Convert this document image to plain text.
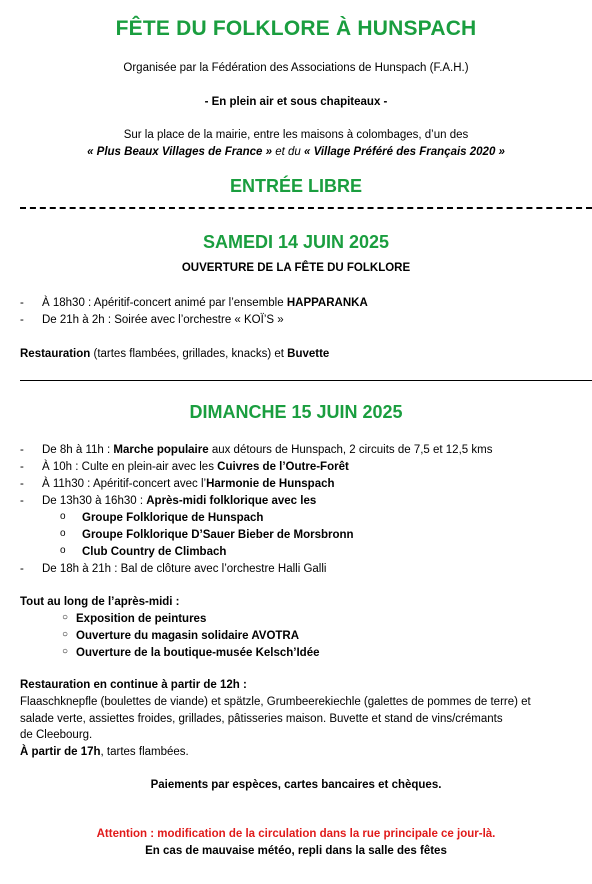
FÊTE DU FOLKLORE À HUNSPACH

Organisée par la Fédération des Associations de Hunspach (F.A.H.)

- En plein air et sous chapiteaux -

Sur la place de la mairie, entre les maisons à colombages, d’un des

« Plus Beaux Villages de France » et du « Village Préféré des Français 2020 »

ENTRÉE LIBRE

SAMEDI 14 JUIN 2025

OUVERTURE DE LA FÊTE DU FOLKLORE

- À 18h30 : Apéritif-concert animé par l’ensemble HAPPARANKA
- De 21h à 2h : Soirée avec l’orchestre « KOÏ’S »
Restauration (tartes flambées, grillades, knacks) et Buvette

DIMANCHE 15 JUIN 2025

- De 8h à 11h : Marche populaire aux détours de Hunspach, 2 circuits de 7,5 et 12,5 kms
- À 10h : Culte en plein-air avec les Cuivres de l’Outre-Forêt
- À 11h30 : Apéritif-concert avec l’Harmonie de Hunspach
- De 13h30 à 16h30 : Après-midi folklorique avec les
o Groupe Folklorique de Hunspach
o Groupe Folklorique D’Sauer Bieber de Morsbronn
o Club Country de Climbach
- De 18h à 21h : Bal de clôture avec l’orchestre Halli Galli
Tout au long de l’après-midi :
○ Exposition de peintures
○ Ouverture du magasin solidaire AVOTRA
○ Ouverture de la boutique-musée Kelsch’Idée
Restauration en continue à partir de 12h :
Flaaschknepfle (boulettes de viande) et spätzle, Grumbeerekiechle (galettes de pommes de terre) et
salade verte, assiettes froides, grillades, pâtisseries maison. Buvette et stand de vins/crémants
de Cleebourg.
À partir de 17h, tartes flambées.

Paiements par espèces, cartes bancaires et chèques.

Attention : modification de la circulation dans la rue principale ce jour-là.

En cas de mauvaise météo, repli dans la salle des fêtes
